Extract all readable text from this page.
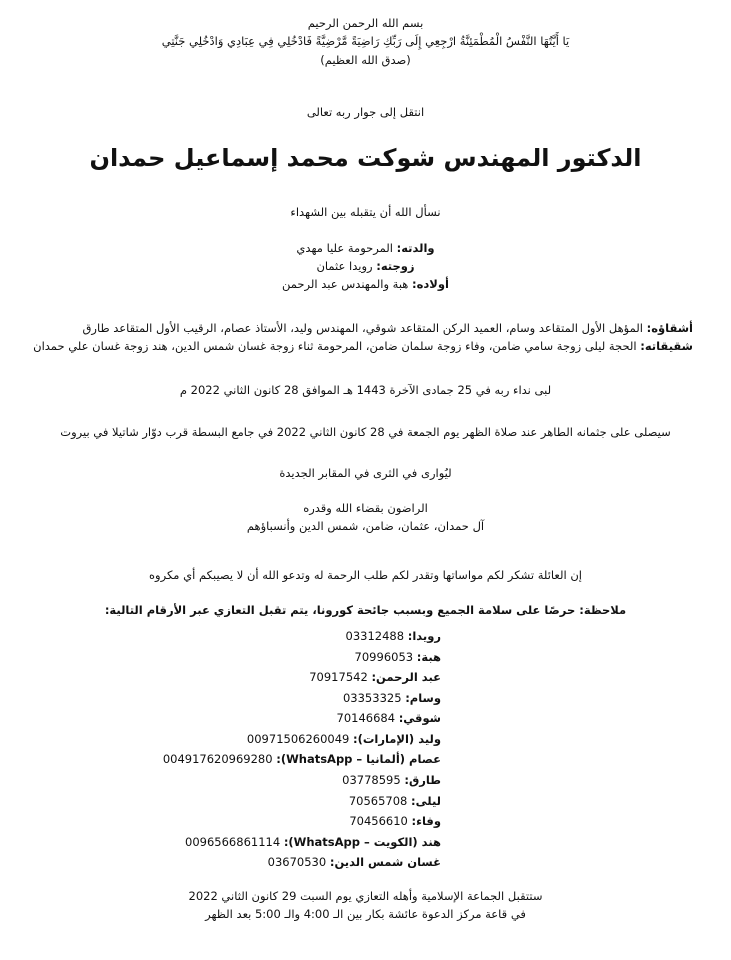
بسم الله الرحمن الرحيم
يَا أَيَّتُهَا النَّفْسُ الْمُطْمَئِنَّةُ ارْجِعِي إِلَى رَبِّكِ رَاضِيَةً مَّرْضِيَّةً فَادْخُلِي فِي عِبَادِي وَادْخُلِي جَنَّتِي
(صدق الله العظيم)
انتقل إلى جوار ربه تعالى
الدكتور المهندس شوكت محمد إسماعيل حمدان
نسأل الله أن يتقبله بين الشهداء
والدته: المرحومة عليا مهدي
زوجته: رويدا عثمان
أولاده: هبة والمهندس عبد الرحمن
أشقاؤه: المؤهل الأول المتقاعد وسام، العميد الركن المتقاعد شوقي، المهندس وليد، الأستاذ عصام، الرقيب الأول المتقاعد طارق
شقيقاته: الحجة ليلى زوجة سامي ضامن، وفاء زوجة سلمان ضامن، المرحومة ثناء زوجة غسان شمس الدين، هند زوجة غسان علي حمدان
لبى نداء ربه في 25 جمادى الآخرة 1443 هـ الموافق 28 كانون الثاني 2022 م
سيصلى على جثمانه الطاهر عند صلاة الظهر يوم الجمعة في 28 كانون الثاني 2022 في جامع البسطة قرب دوّار شاتيلا في بيروت
ليُوارى في الثرى في المقابر الجديدة
الراضون بقضاء الله وقدره
آل حمدان، عثمان، ضامن، شمس الدين وأنسباؤهم
إن العائلة تشكر لكم مواساتها وتقدر لكم طلب الرحمة له وتدعو الله أن لا يصيبكم أي مكروه
ملاحظة: حرصًا على سلامة الجميع وبسبب جائحة كورونا، يتم تقبل التعازي عبر الأرقام التالية:
رويدا: 03312488
هبة: 70996053
عبد الرحمن: 70917542
وسام: 03353325
شوقي: 70146684
وليد (الإمارات): 00971506260049
عصام (ألمانيا – WhatsApp): 004917620969280
طارق: 03778595
ليلى: 70565708
وفاء: 70456610
هند (الكويت – WhatsApp): 0096566861114
غسان شمس الدين: 03670530
ستتقبل الجماعة الإسلامية وأهله التعازي يوم السبت 29 كانون الثاني 2022
في قاعة مركز الدعوة عائشة بكار بين الـ 4:00 والـ 5:00 بعد الظهر
